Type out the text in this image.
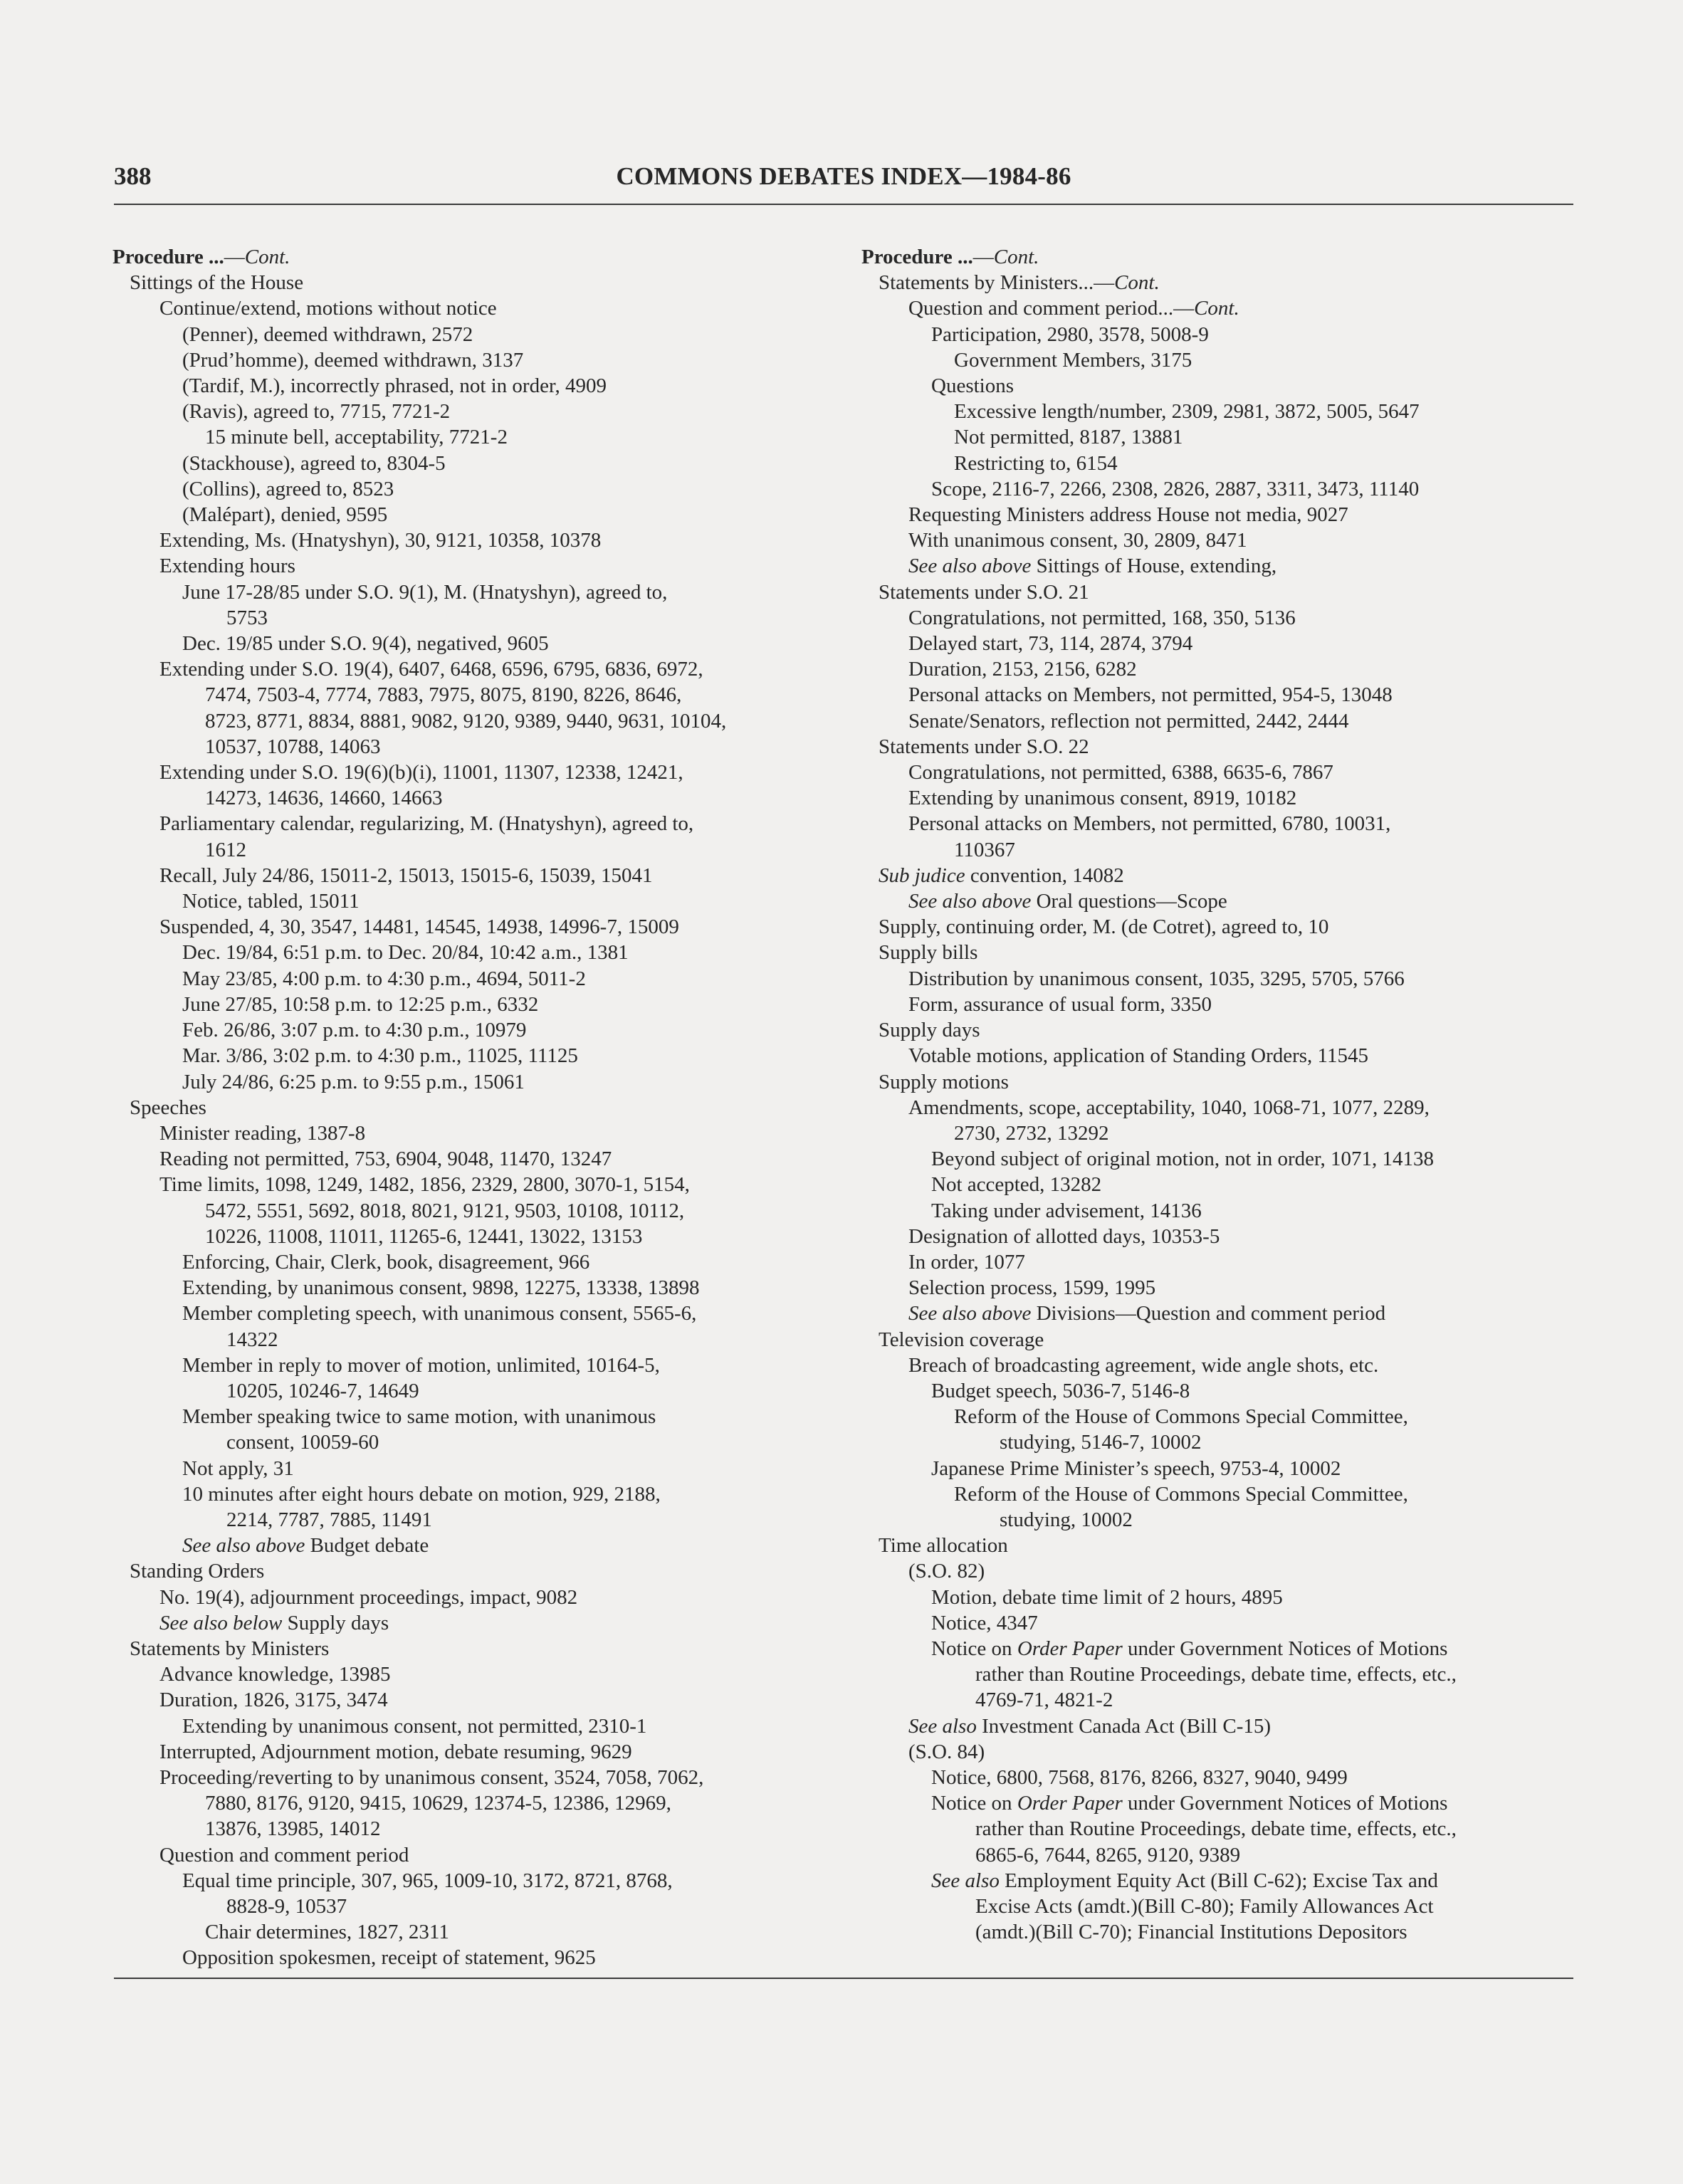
388	COMMONS DEBATES INDEX—1984-86
Procedure ...—Cont.
Sittings of the House
Continue/extend, motions without notice
(Penner), deemed withdrawn, 2572
(Prud’homme), deemed withdrawn, 3137
(Tardif, M.), incorrectly phrased, not in order, 4909
(Ravis), agreed to, 7715, 7721-2
15 minute bell, acceptability, 7721-2
(Stackhouse), agreed to, 8304-5
(Collins), agreed to, 8523
(Malépart), denied, 9595
Extending, Ms. (Hnatyshyn), 30, 9121, 10358, 10378
Extending hours
June 17-28/85 under S.O. 9(1), M. (Hnatyshyn), agreed to,
5753
Dec. 19/85 under S.O. 9(4), negatived, 9605
Extending under S.O. 19(4), 6407, 6468, 6596, 6795, 6836, 6972,
7474, 7503-4, 7774, 7883, 7975, 8075, 8190, 8226, 8646,
8723, 8771, 8834, 8881, 9082, 9120, 9389, 9440, 9631, 10104,
10537, 10788, 14063
Extending under S.O. 19(6)(b)(i), 11001, 11307, 12338, 12421,
14273, 14636, 14660, 14663
Parliamentary calendar, regularizing, M. (Hnatyshyn), agreed to,
1612
Recall, July 24/86, 15011-2, 15013, 15015-6, 15039, 15041
Notice, tabled, 15011
Suspended, 4, 30, 3547, 14481, 14545, 14938, 14996-7, 15009
Dec. 19/84, 6:51 p.m. to Dec. 20/84, 10:42 a.m., 1381
May 23/85, 4:00 p.m. to 4:30 p.m., 4694, 5011-2
June 27/85, 10:58 p.m. to 12:25 p.m., 6332
Feb. 26/86, 3:07 p.m. to 4:30 p.m., 10979
Mar. 3/86, 3:02 p.m. to 4:30 p.m., 11025, 11125
July 24/86, 6:25 p.m. to 9:55 p.m., 15061
Speeches
Minister reading, 1387-8
Reading not permitted, 753, 6904, 9048, 11470, 13247
Time limits, 1098, 1249, 1482, 1856, 2329, 2800, 3070-1, 5154,
5472, 5551, 5692, 8018, 8021, 9121, 9503, 10108, 10112,
10226, 11008, 11011, 11265-6, 12441, 13022, 13153
Enforcing, Chair, Clerk, book, disagreement, 966
Extending, by unanimous consent, 9898, 12275, 13338, 13898
Member completing speech, with unanimous consent, 5565-6,
14322
Member in reply to mover of motion, unlimited, 10164-5,
10205, 10246-7, 14649
Member speaking twice to same motion, with unanimous
consent, 10059-60
Not apply, 31
10 minutes after eight hours debate on motion, 929, 2188,
2214, 7787, 7885, 11491
See also above Budget debate
Standing Orders
No. 19(4), adjournment proceedings, impact, 9082
See also below Supply days
Statements by Ministers
Advance knowledge, 13985
Duration, 1826, 3175, 3474
Extending by unanimous consent, not permitted, 2310-1
Interrupted, Adjournment motion, debate resuming, 9629
Proceeding/reverting to by unanimous consent, 3524, 7058, 7062,
7880, 8176, 9120, 9415, 10629, 12374-5, 12386, 12969,
13876, 13985, 14012
Question and comment period
Equal time principle, 307, 965, 1009-10, 3172, 8721, 8768,
8828-9, 10537
Chair determines, 1827, 2311
Opposition spokesmen, receipt of statement, 9625
Procedure ...—Cont.
Statements by Ministers...—Cont.
Question and comment period...—Cont.
Participation, 2980, 3578, 5008-9
Government Members, 3175
Questions
Excessive length/number, 2309, 2981, 3872, 5005, 5647
Not permitted, 8187, 13881
Restricting to, 6154
Scope, 2116-7, 2266, 2308, 2826, 2887, 3311, 3473, 11140
Requesting Ministers address House not media, 9027
With unanimous consent, 30, 2809, 8471
See also above Sittings of House, extending,
Statements under S.O. 21
Congratulations, not permitted, 168, 350, 5136
Delayed start, 73, 114, 2874, 3794
Duration, 2153, 2156, 6282
Personal attacks on Members, not permitted, 954-5, 13048
Senate/Senators, reflection not permitted, 2442, 2444
Statements under S.O. 22
Congratulations, not permitted, 6388, 6635-6, 7867
Extending by unanimous consent, 8919, 10182
Personal attacks on Members, not permitted, 6780, 10031,
110367
Sub judice convention, 14082
See also above Oral questions—Scope
Supply, continuing order, M. (de Cotret), agreed to, 10
Supply bills
Distribution by unanimous consent, 1035, 3295, 5705, 5766
Form, assurance of usual form, 3350
Supply days
Votable motions, application of Standing Orders, 11545
Supply motions
Amendments, scope, acceptability, 1040, 1068-71, 1077, 2289,
2730, 2732, 13292
Beyond subject of original motion, not in order, 1071, 14138
Not accepted, 13282
Taking under advisement, 14136
Designation of allotted days, 10353-5
In order, 1077
Selection process, 1599, 1995
See also above Divisions—Question and comment period
Television coverage
Breach of broadcasting agreement, wide angle shots, etc.
Budget speech, 5036-7, 5146-8
Reform of the House of Commons Special Committee,
studying, 5146-7, 10002
Japanese Prime Minister’s speech, 9753-4, 10002
Reform of the House of Commons Special Committee,
studying, 10002
Time allocation
(S.O. 82)
Motion, debate time limit of 2 hours, 4895
Notice, 4347
Notice on Order Paper under Government Notices of Motions
rather than Routine Proceedings, debate time, effects, etc.,
4769-71, 4821-2
See also Investment Canada Act (Bill C-15)
(S.O. 84)
Notice, 6800, 7568, 8176, 8266, 8327, 9040, 9499
Notice on Order Paper under Government Notices of Motions
rather than Routine Proceedings, debate time, effects, etc.,
6865-6, 7644, 8265, 9120, 9389
See also Employment Equity Act (Bill C-62); Excise Tax and
Excise Acts (amdt.)(Bill C-80); Family Allowances Act
(amdt.)(Bill C-70); Financial Institutions Depositors
